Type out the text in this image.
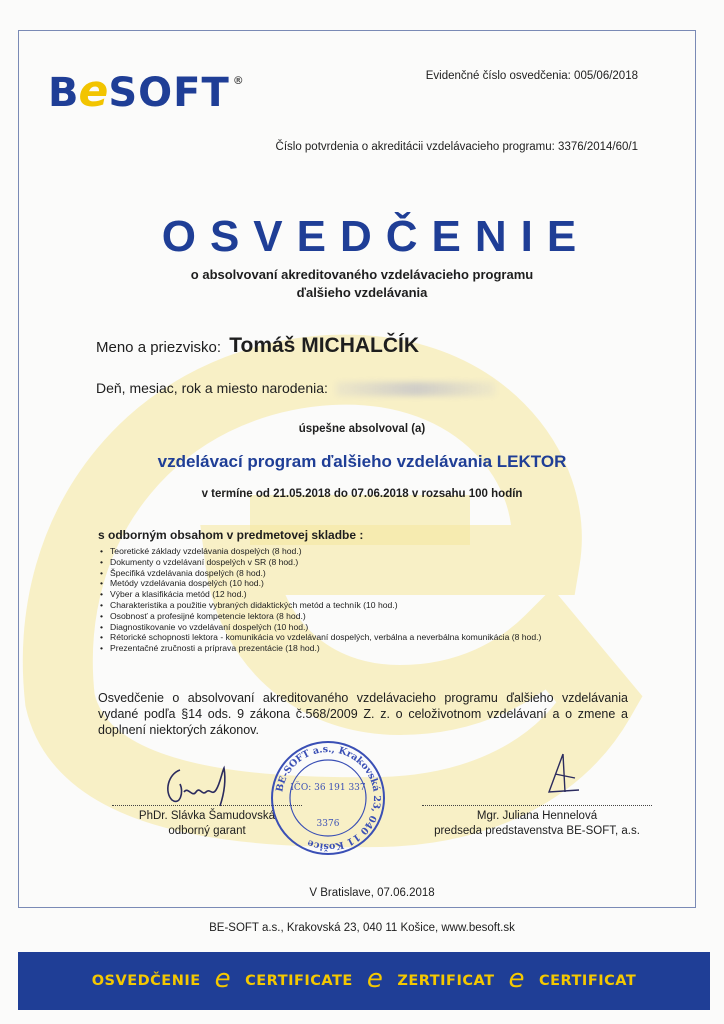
B e SOFT ®	Evidenčné číslo osvedčenia: 005/06/2018
Číslo potvrdenia o akreditácii vzdelávacieho programu: 3376/2014/60/1
OSVEDČENIE
o absolvovaní akreditovaného vzdelávacieho programu
ďalšieho vzdelávania
Meno a priezvisko: Tomáš MICHALČÍK
Deň, mesiac, rok a miesto narodenia:
úspešne absolvoval (a)
vzdelávací program ďalšieho vzdelávania LEKTOR
v termíne od 21.05.2018 do 07.06.2018 v rozsahu 100 hodín
s odborným obsahom v predmetovej skladbe :
• Teoretické základy vzdelávania dospelých (8 hod.)
• Dokumenty o vzdelávaní dospelých v SR (8 hod.)
• Špecifiká vzdelávania dospelých (8 hod.)
• Metódy vzdelávania dospelých (10 hod.)
• Výber a klasifikácia metód (12 hod.)
• Charakteristika a použitie vybraných didaktických metód a techník (10 hod.)
• Osobnosť a profesijné kompetencie lektora (8 hod.)
• Diagnostikovanie vo vzdelávaní dospelých (10 hod.)
• Rétorické schopnosti lektora - komunikácia vo vzdelávaní dospelých, verbálna a neverbálna komunikácia (8 hod.)
• Prezentačné zručnosti a príprava prezentácie (18 hod.)
Osvedčenie o absolvovaní akreditovaného vzdelávacieho programu ďalšieho vzdelávania vydané podľa §14 ods. 9 zákona č.568/2009 Z. z. o celoživotnom vzdelávaní a o zmene a doplnení niektorých zákonov.
PhDr. Slávka Šamudovská
odborný garant
Mgr. Juliana Hennelová
predseda predstavenstva BE-SOFT, a.s.
BE-SOFT a.s., Krakovská 23, 040 11 Košice
IČO: 36 191 337
3376
V Bratislave, 07.06.2018
BE-SOFT a.s., Krakovská 23, 040 11 Košice, www.besoft.sk
OSVEDČENIE e CERTIFICATE e ZERTIFICAT e CERTIFICAT
